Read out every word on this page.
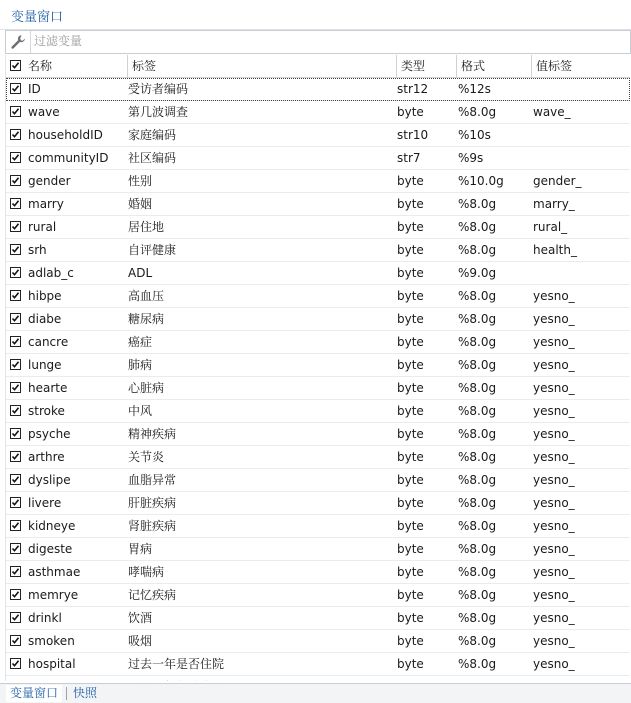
变量窗口
过滤变量
名称	标签	类型	格式	值标签
ID	受访者编码	str12	%12s
wave	第几波调查	byte	%8.0g	wave_
householdID	家庭编码	str10	%10s
communityID	社区编码	str7	%9s
gender	性别	byte	%10.0g	gender_
marry	婚姻	byte	%8.0g	marry_
rural	居住地	byte	%8.0g	rural_
srh	自评健康	byte	%8.0g	health_
adlab_c	ADL	byte	%9.0g
hibpe	高血压	byte	%8.0g	yesno_
diabe	糖尿病	byte	%8.0g	yesno_
cancre	癌症	byte	%8.0g	yesno_
lunge	肺病	byte	%8.0g	yesno_
hearte	心脏病	byte	%8.0g	yesno_
stroke	中风	byte	%8.0g	yesno_
psyche	精神疾病	byte	%8.0g	yesno_
arthre	关节炎	byte	%8.0g	yesno_
dyslipe	血脂异常	byte	%8.0g	yesno_
livere	肝脏疾病	byte	%8.0g	yesno_
kidneye	肾脏疾病	byte	%8.0g	yesno_
digeste	胃病	byte	%8.0g	yesno_
asthmae	哮喘病	byte	%8.0g	yesno_
memrye	记忆疾病	byte	%8.0g	yesno_
drinkl	饮酒	byte	%8.0g	yesno_
smoken	吸烟	byte	%8.0g	yesno_
hospital	过去一年是否住院	byte	%8.0g	yesno_
变量窗口	快照
